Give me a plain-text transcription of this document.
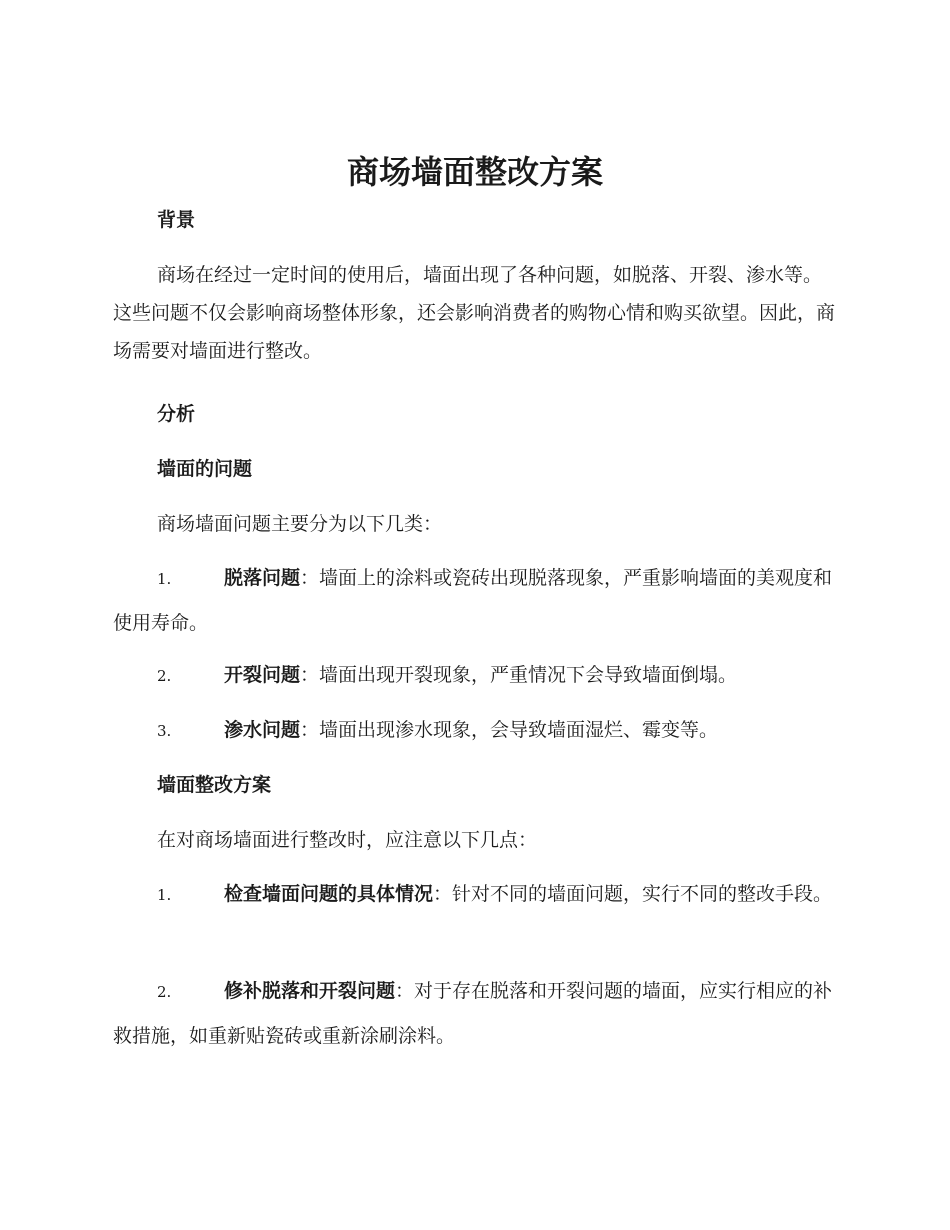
商场墙面整改方案
背景

商场在经过一定时间的使用后，墙面出现了各种问题，如脱落、开裂、渗水等。这些问题不仅会影响商场整体形象，还会影响消费者的购物心情和购买欲望。因此，商场需要对墙面进行整改。

分析
墙面的问题

商场墙面问题主要分为以下几类：

1.	脱落问题：墙面上的涂料或瓷砖出现脱落现象，严重影响墙面的美观度和使用寿命。

2.	开裂问题：墙面出现开裂现象，严重情况下会导致墙面倒塌。

3.	渗水问题：墙面出现渗水现象，会导致墙面湿烂、霉变等。

墙面整改方案

在对商场墙面进行整改时，应注意以下几点：

1.	检查墙面问题的具体情况：针对不同的墙面问题，实行不同的整改手段。

2.	修补脱落和开裂问题：对于存在脱落和开裂问题的墙面，应实行相应的补救措施，如重新贴瓷砖或重新涂刷涂料。
